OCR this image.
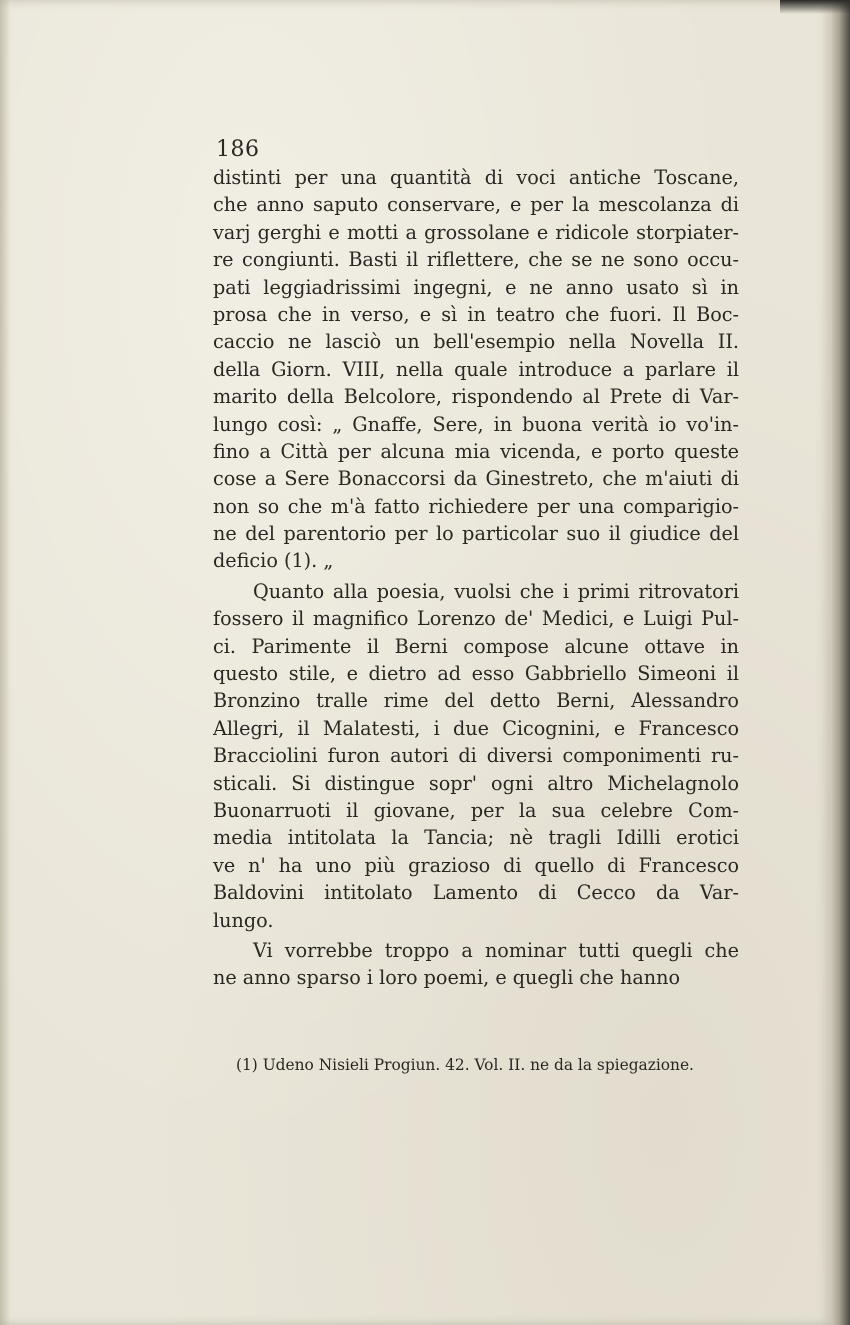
186
distinti per una quantità di voci antiche Toscane,
che anno saputo conservare, e per la mescolanza di
varj gerghi e motti a grossolane e ridicole storpiater-
re congiunti. Basti il riflettere, che se ne sono occu-
pati leggiadrissimi ingegni, e ne anno usato sì in
prosa che in verso, e sì in teatro che fuori. Il Boc-
caccio ne lasciò un bell'esempio nella Novella II.
della Giorn. VIII, nella quale introduce a parlare il
marito della Belcolore, rispondendo al Prete di Var-
lungo così: „ Gnaffe, Sere, in buona verità io vo'in-
fino a Città per alcuna mia vicenda, e porto queste
cose a Sere Bonaccorsi da Ginestreto, che m'aiuti di
non so che m'à fatto richiedere per una comparigio-
ne del parentorio per lo particolar suo il giudice del
deficio (1). „
Quanto alla poesia, vuolsi che i primi ritrovatori
fossero il magnifico Lorenzo de' Medici, e Luigi Pul-
ci. Parimente il Berni compose alcune ottave in
questo stile, e dietro ad esso Gabbriello Simeoni il
Bronzino tralle rime del detto Berni, Alessandro
Allegri, il Malatesti, i due Cicognini, e Francesco
Bracciolini furon autori di diversi componimenti ru-
sticali. Si distingue sopr' ogni altro Michelagnolo
Buonarruoti il giovane, per la sua celebre Com-
media intitolata la Tancia; nè tragli Idilli erotici
ve n' ha uno più grazioso di quello di Francesco
Baldovini intitolato Lamento di Cecco da Var-
lungo.
Vi vorrebbe troppo a nominar tutti quegli che
ne anno sparso i loro poemi, e quegli che hanno
(1) Udeno Nisieli Progiun. 42. Vol. II. ne da la spiegazione.
